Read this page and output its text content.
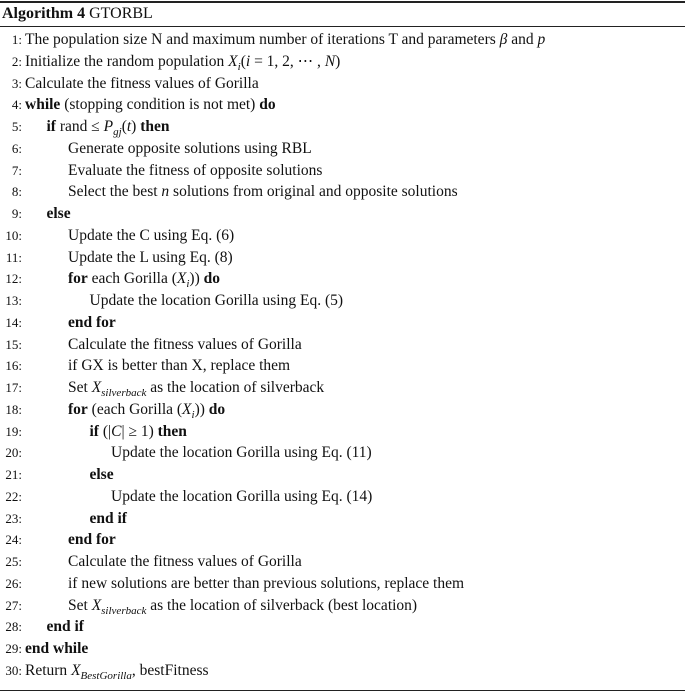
Algorithm 4 GTORBL
1: The population size N and maximum number of iterations T and parameters β and p
2: Initialize the random population $X_i(i = 1$, 2, ⋯ , N)
3: Calculate the fitness values of Gorilla
4: while (stopping condition is not met) do
5: if rand ≤ $P_{gj}(t)$ then
6:	Generate opposite solutions using RBL
7:	Evaluate the fitness of opposite solutions
8:	Select the best n solutions from original and opposite solutions
9: else
10:	Update the C using Eq. (6)
11:	Update the L using Eq. (8)
12:	for each Gorilla $(X_i)$) do
13:	Update the location Gorilla using Eq. (5)
14:	end for
15:	Calculate the fitness values of Gorilla
16:	if GX is better than X, replace them
17:	Set $X_{silverback}$ as the location of silverback
18:	for (each Gorilla $(X_i)$) do
19:	if (|C| ≥ 1) then
20:	Update the location Gorilla using Eq. (11)
21:	else
22:	Update the location Gorilla using Eq. (14)
23:	end if
24:	end for
25:	Calculate the fitness values of Gorilla
26:	if new solutions are better than previous solutions, replace them
27:	Set $X_{silverback}$ as the location of silverback (best location)
28: end if
29: end while
30: Return $X_{BestGorilla}$, bestFitness
